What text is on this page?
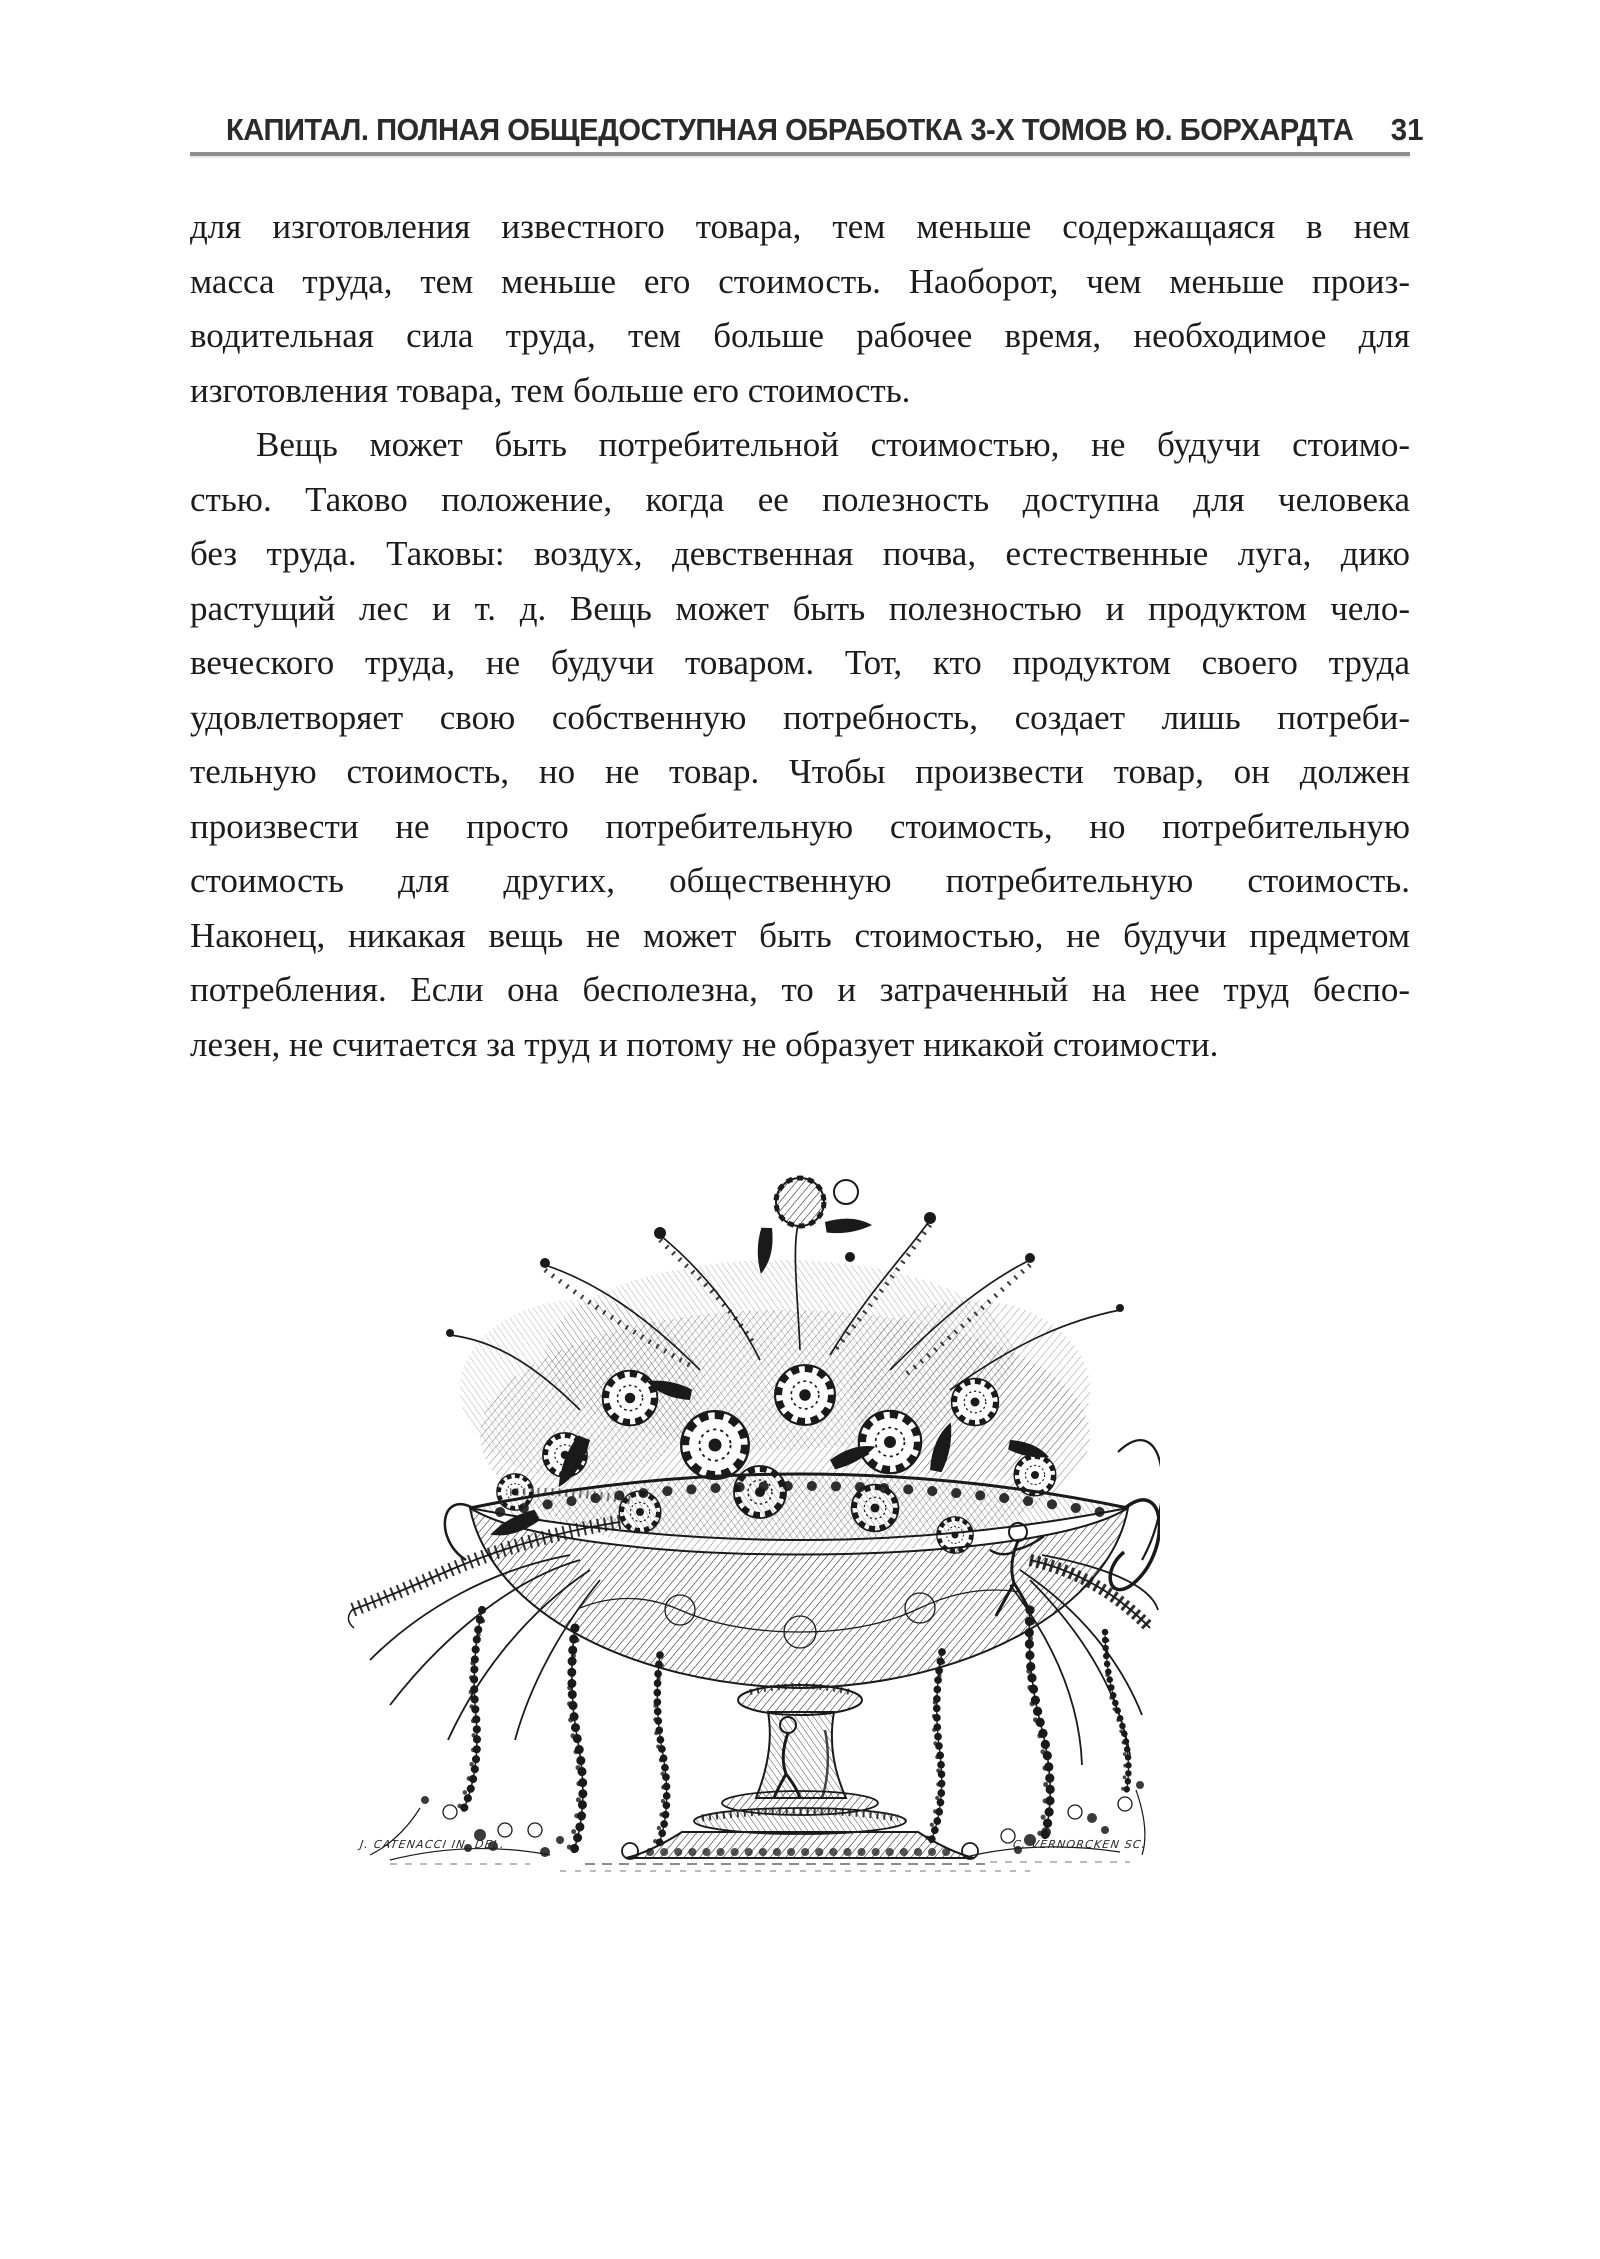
КАПИТАЛ. ПОЛНАЯ ОБЩЕДОСТУПНАЯ ОБРАБОТКА 3-Х ТОМОВ Ю. БОРХАРДТА 31
для изготовления известного товара, тем меньше содержащаяся в нем
масса труда, тем меньше его стоимость. Наоборот, чем меньше произ-
водительная сила труда, тем больше рабочее время, необходимое для
изготовления товара, тем больше его стоимость.
Вещь может быть потребительной стоимостью, не будучи стоимо-
стью. Таково положение, когда ее полезность доступна для человека
без труда. Таковы: воздух, девственная почва, естественные луга, дико
растущий лес и т. д. Вещь может быть полезностью и продуктом чело-
веческого труда, не будучи товаром. Тот, кто продуктом своего труда
удовлетворяет свою собственную потребность, создает лишь потреби-
тельную стоимость, но не товар. Чтобы произвести товар, он должен
произвести не просто потребительную стоимость, но потребительную
стоимость для других, общественную потребительную стоимость.
Наконец, никакая вещь не может быть стоимостью, не будучи предметом
потребления. Если она бесполезна, то и затраченный на нее труд беспо-
лезен, не считается за труд и потому не образует никакой стоимости.
J. CATENACCI IN. DEL.	C. VERNORCKEN SC.
